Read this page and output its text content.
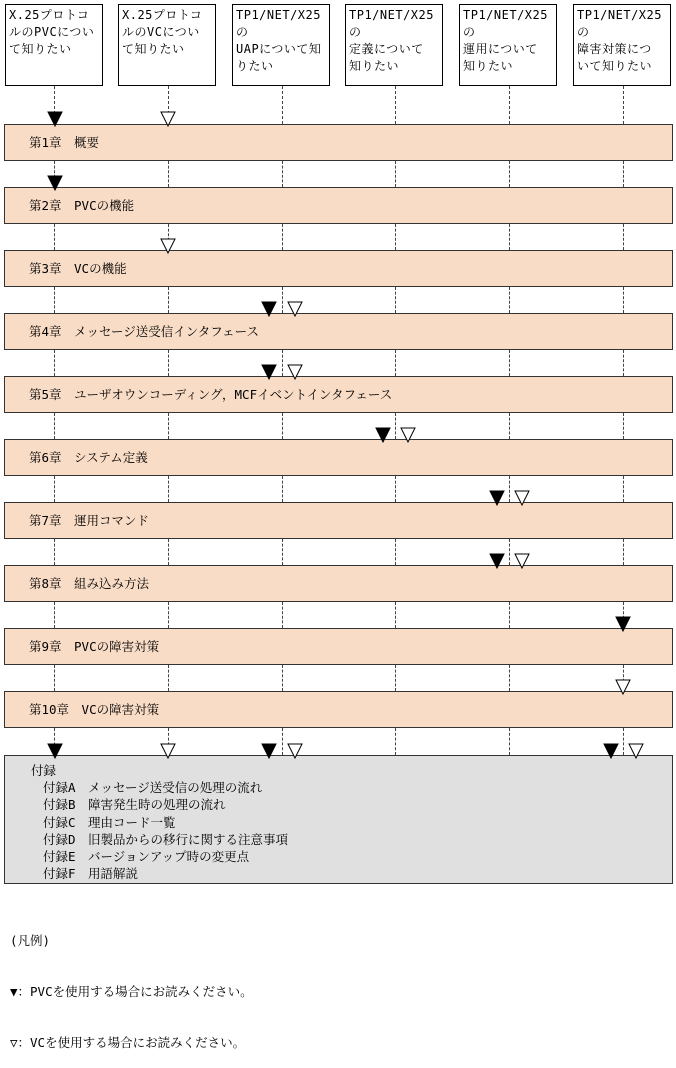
X.25プロトコ
ルのPVCについ
て知りたい
X.25プロトコ
ルのVCについ
て知りたい
TP1/NET/X25の
UAPについて知
りたい
TP1/NET/X25の
定義について
知りたい
TP1/NET/X25の
運用について
知りたい
TP1/NET/X25の
障害対策につ
いて知りたい
第1章　概要
第2章　PVCの機能
第3章　VCの機能
第4章　メッセージ送受信インタフェース
第5章　ユーザオウンコーディング，MCFイベントインタフェース
第6章　システム定義
第7章　運用コマンド
第8章　組み込み方法
第9章　PVCの障害対策
第10章　VCの障害対策
付録
付録A　メッセージ送受信の処理の流れ
付録B　障害発生時の処理の流れ
付録C　理由コード一覧
付録D　旧製品からの移行に関する注意事項
付録E　バージョンアップ時の変更点
付録F　用語解説

(凡例)

▼：PVCを使用する場合にお読みください。

▽：VCを使用する場合にお読みください。
